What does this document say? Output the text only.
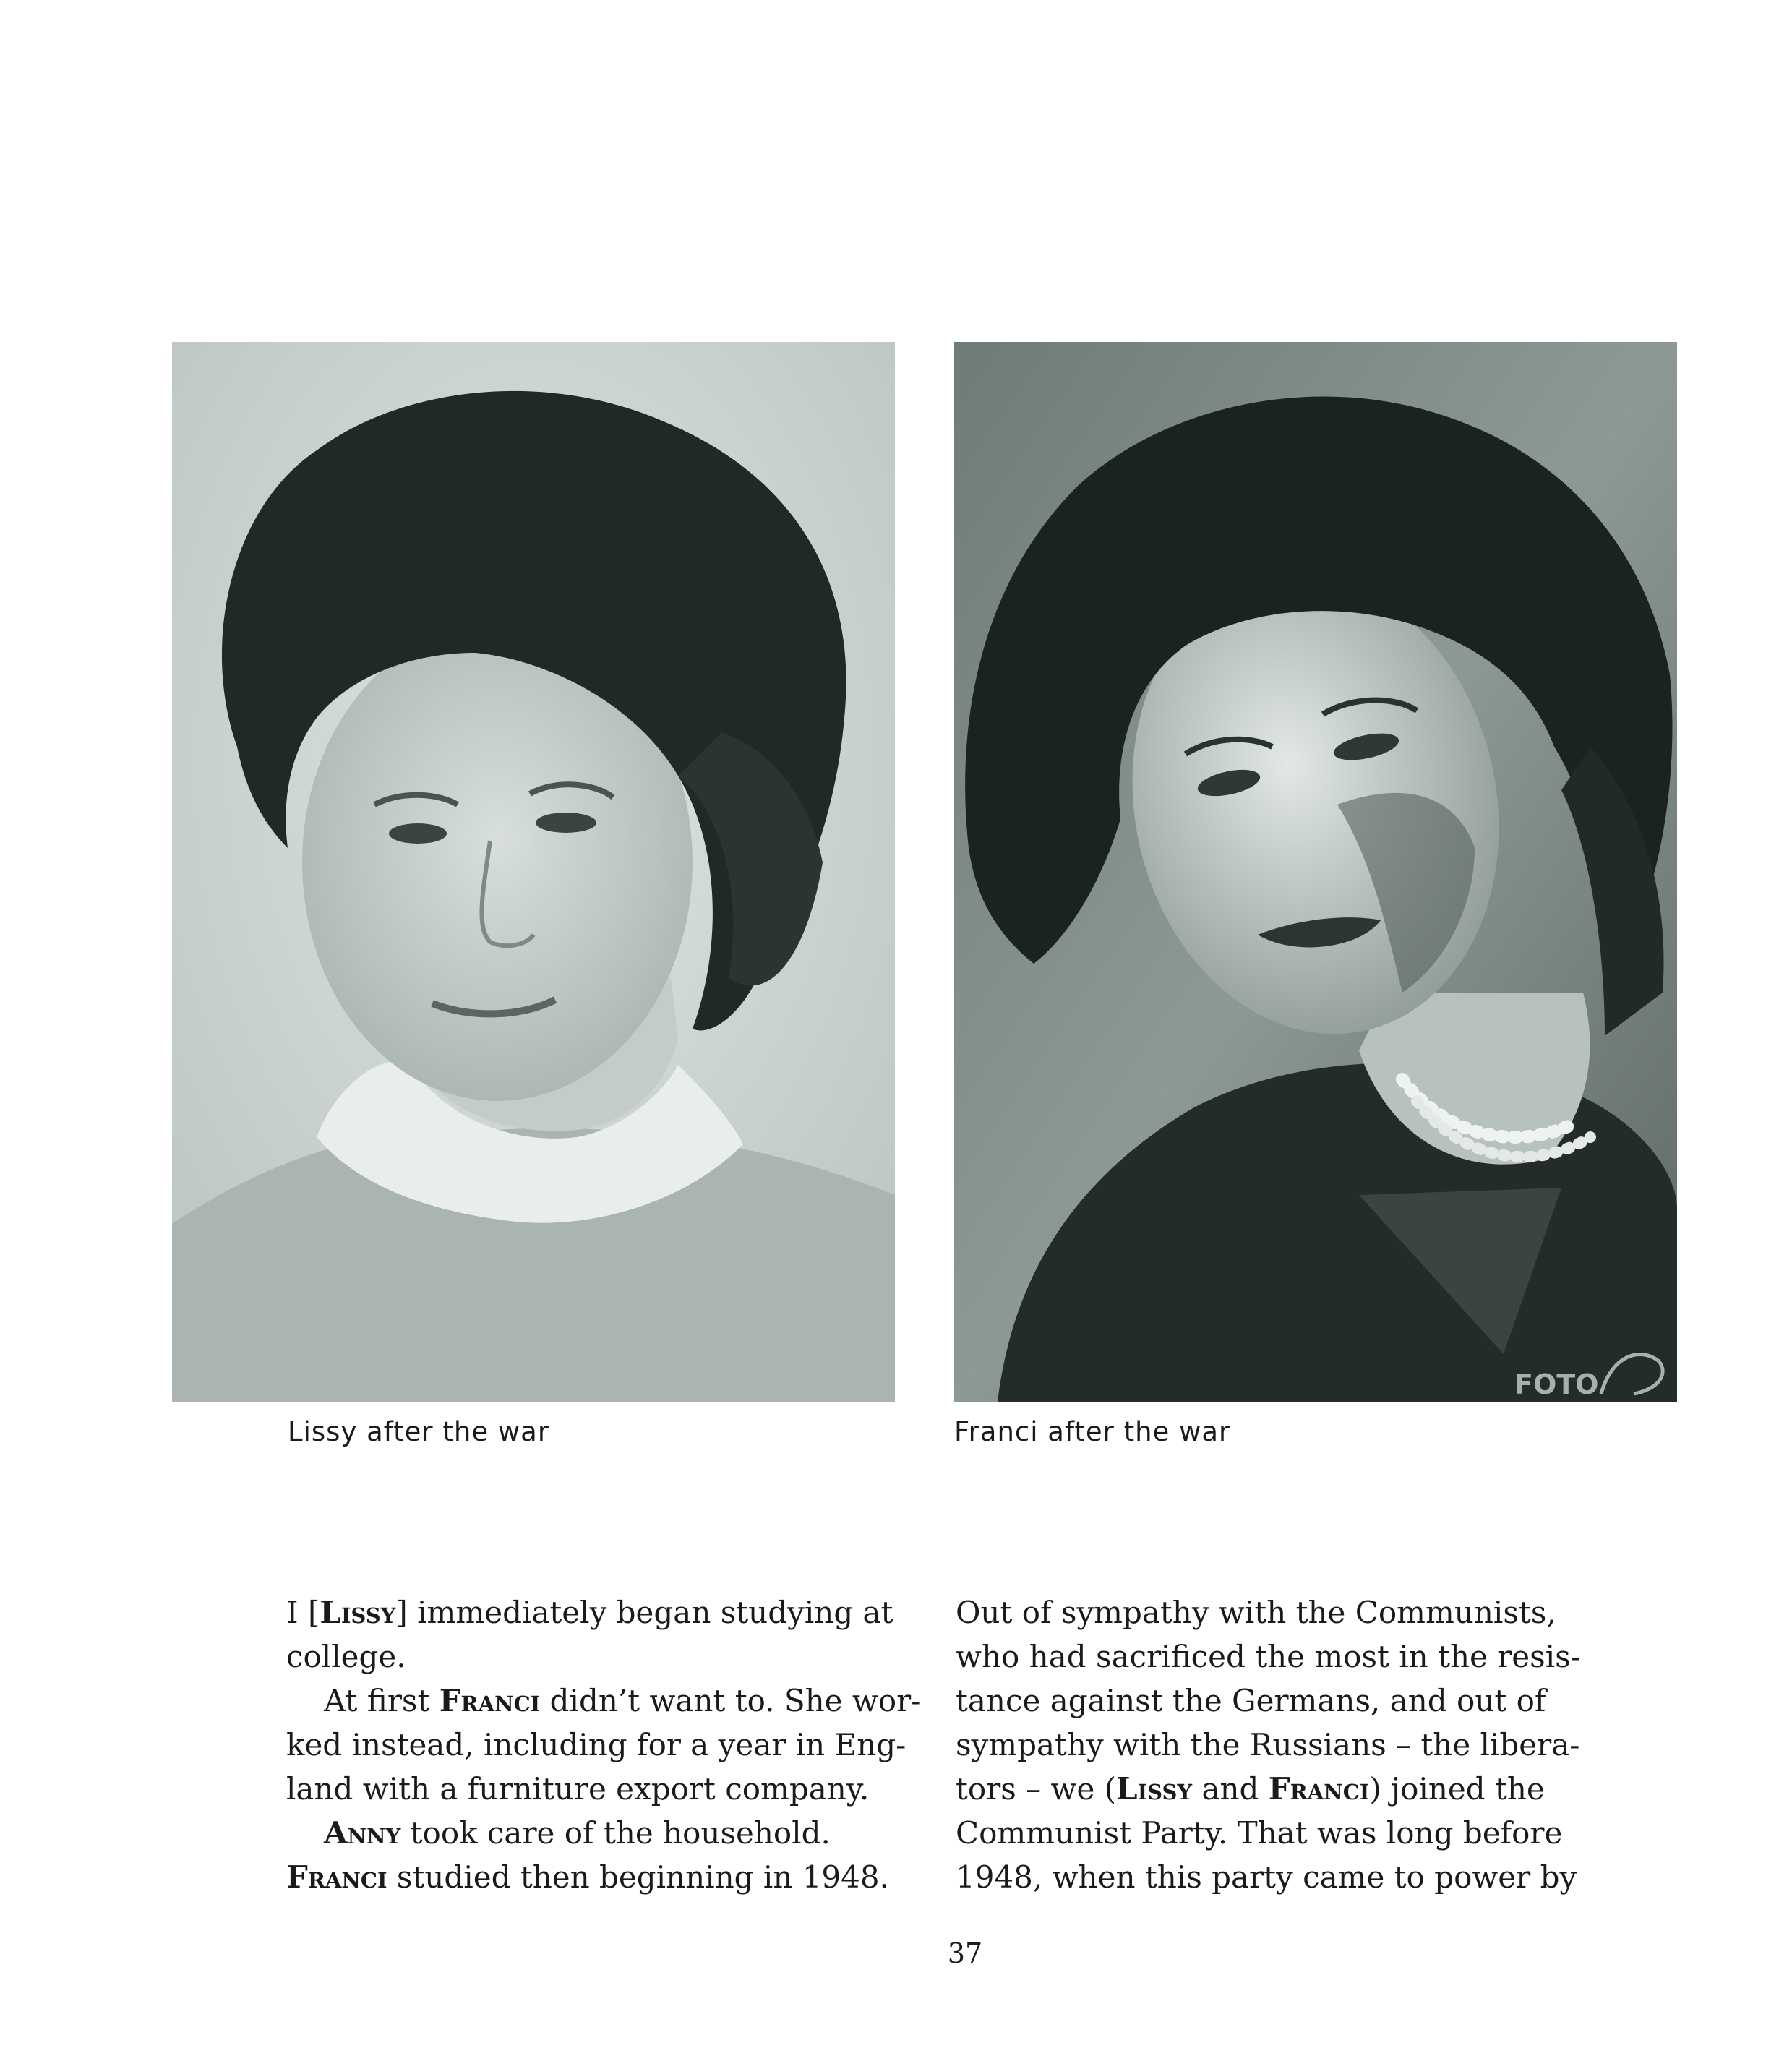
FOTO
Lissy after the war	Franci after the war
I [Lissy] immediately began studying at
college.
At first Franci didn’t want to. She wor-
ked instead, including for a year in Eng-
land with a furniture export company.
Anny took care of the household.
Franci studied then beginning in 1948.
Out of sympathy with the Communists,
who had sacrificed the most in the resis-
tance against the Germans, and out of
sympathy with the Russians – the libera-
tors – we (Lissy and Franci) joined the
Communist Party. That was long before
1948, when this party came to power by
37
